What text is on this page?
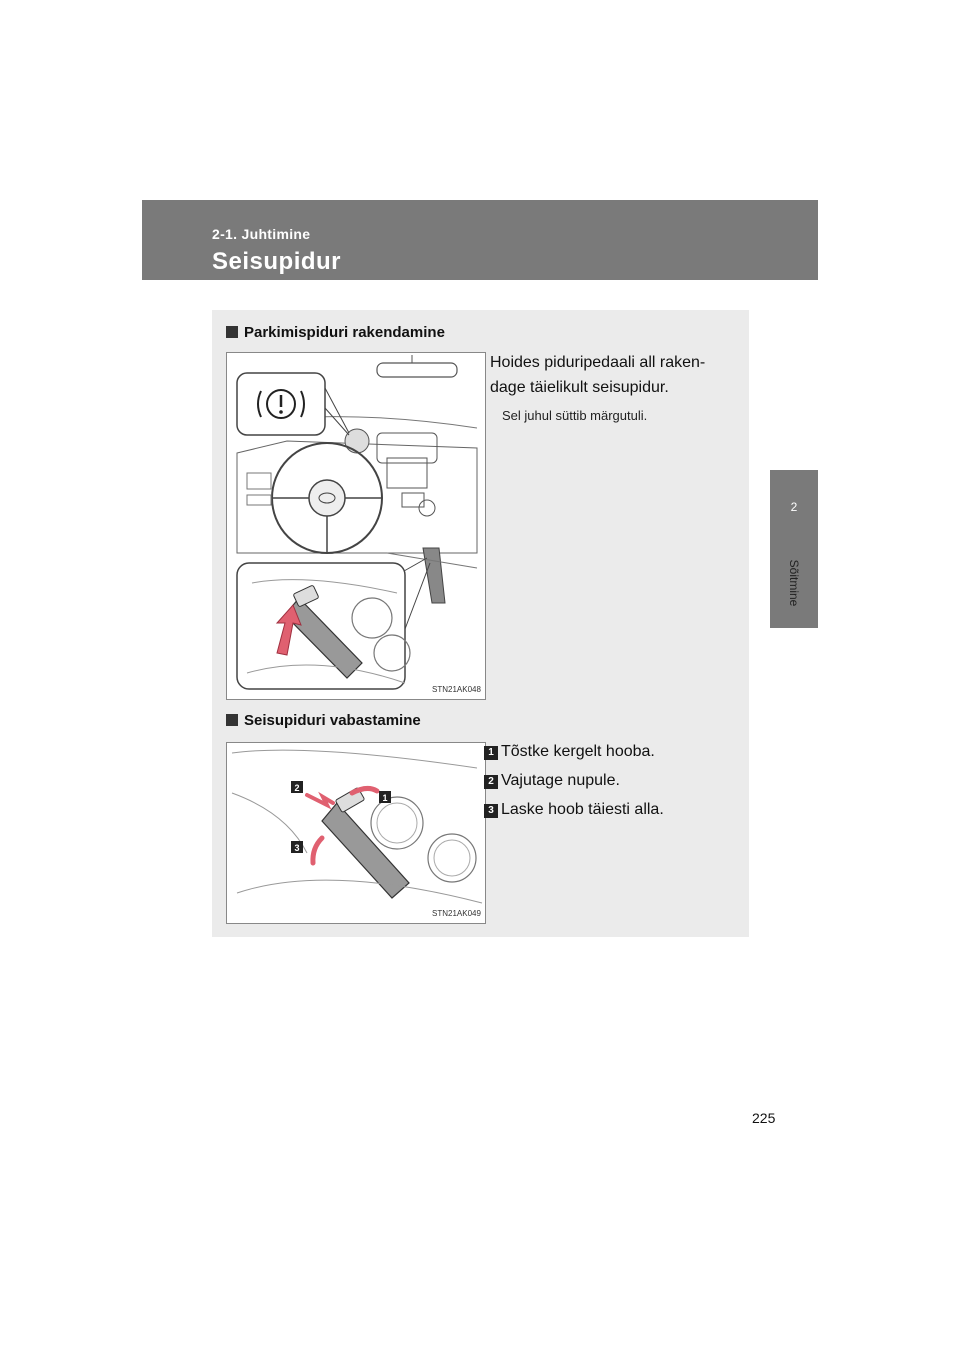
2-1. Juhtimine
Seisupidur
2
Sõitmine
Parkimispiduri rakendamine
STN21AK048
Hoides piduripedaali all raken-
dage täielikult seisupidur.
Sel juhul süttib märgutuli.
Seisupiduri vabastamine
2
1
3
STN21AK049
1 Tõstke kergelt hooba.
2 Vajutage nupule.
3 Laske hoob täiesti alla.
225
